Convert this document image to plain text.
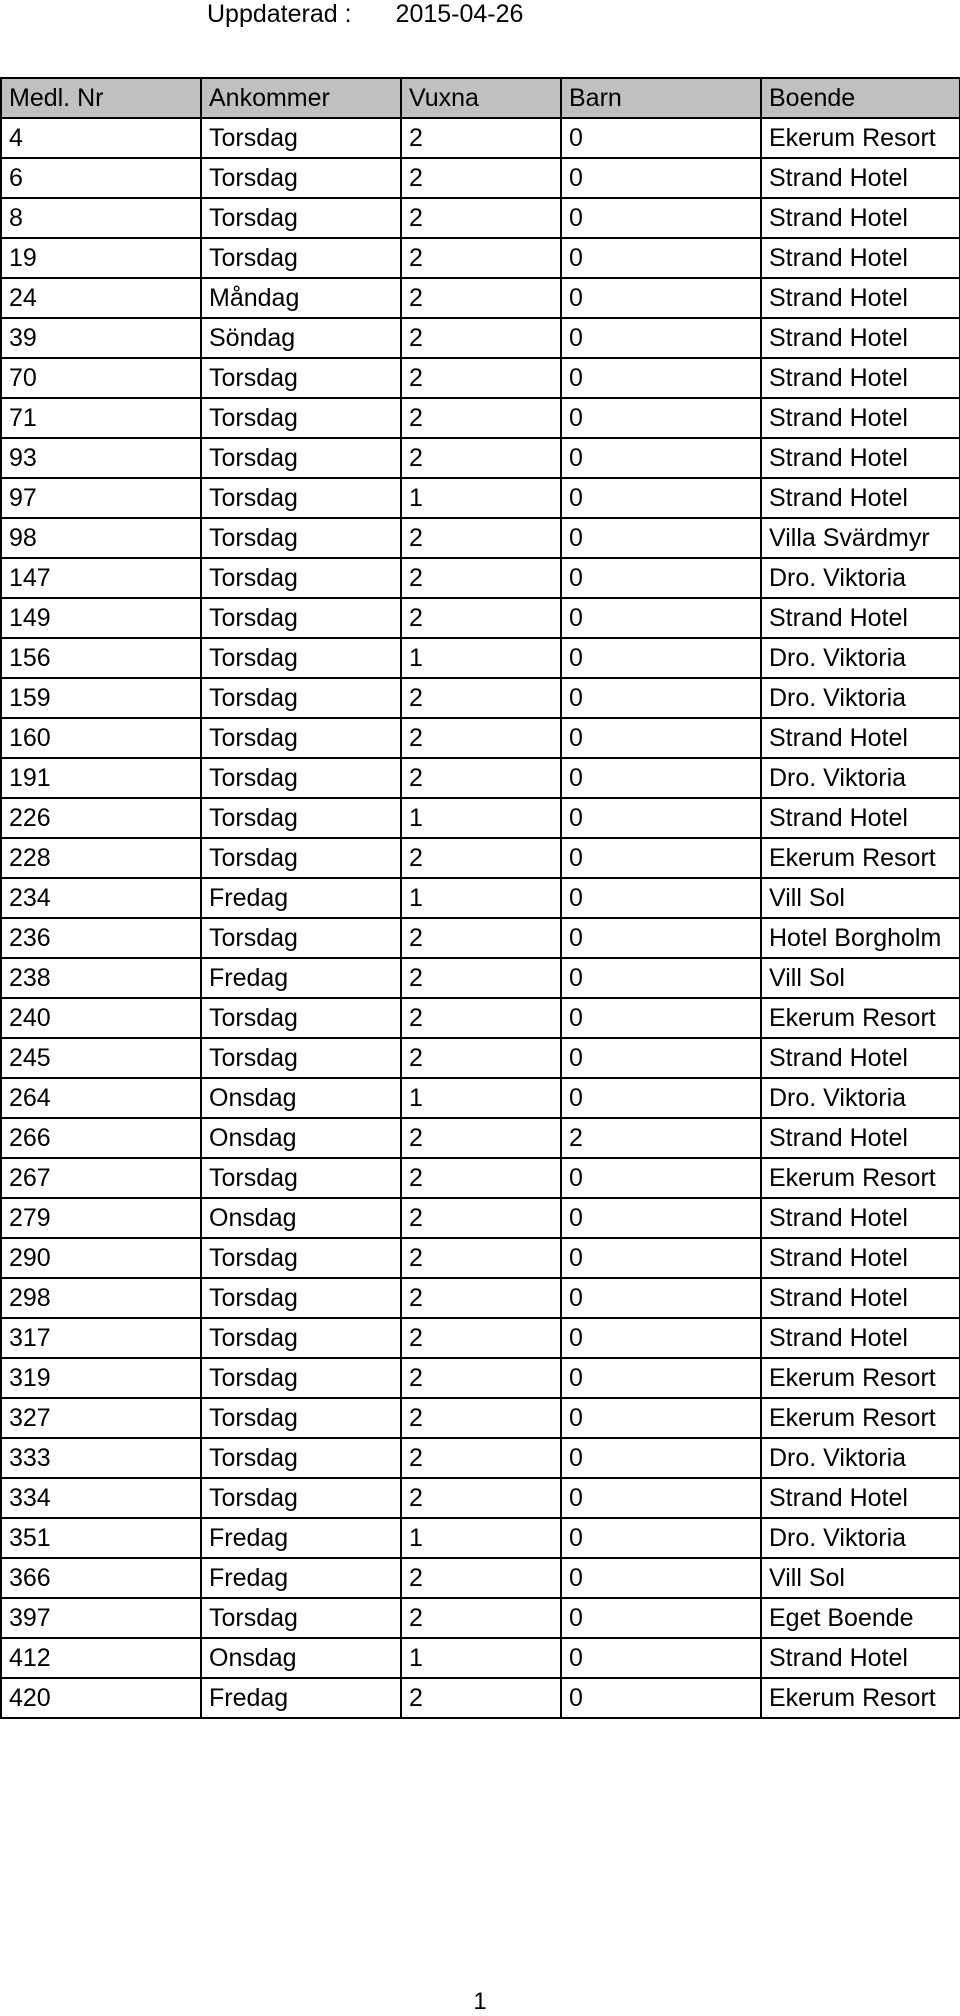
Uppdaterad : 2015-04-26
Medl. Nr	Ankommer	Vuxna	Barn	Boende
4	Torsdag	2	0	Ekerum Resort
6	Torsdag	2	0	Strand Hotel
8	Torsdag	2	0	Strand Hotel
19	Torsdag	2	0	Strand Hotel
24	Måndag	2	0	Strand Hotel
39	Söndag	2	0	Strand Hotel
70	Torsdag	2	0	Strand Hotel
71	Torsdag	2	0	Strand Hotel
93	Torsdag	2	0	Strand Hotel
97	Torsdag	1	0	Strand Hotel
98	Torsdag	2	0	Villa Svärdmyr
147	Torsdag	2	0	Dro. Viktoria
149	Torsdag	2	0	Strand Hotel
156	Torsdag	1	0	Dro. Viktoria
159	Torsdag	2	0	Dro. Viktoria
160	Torsdag	2	0	Strand Hotel
191	Torsdag	2	0	Dro. Viktoria
226	Torsdag	1	0	Strand Hotel
228	Torsdag	2	0	Ekerum Resort
234	Fredag	1	0	Vill Sol
236	Torsdag	2	0	Hotel Borgholm
238	Fredag	2	0	Vill Sol
240	Torsdag	2	0	Ekerum Resort
245	Torsdag	2	0	Strand Hotel
264	Onsdag	1	0	Dro. Viktoria
266	Onsdag	2	2	Strand Hotel
267	Torsdag	2	0	Ekerum Resort
279	Onsdag	2	0	Strand Hotel
290	Torsdag	2	0	Strand Hotel
298	Torsdag	2	0	Strand Hotel
317	Torsdag	2	0	Strand Hotel
319	Torsdag	2	0	Ekerum Resort
327	Torsdag	2	0	Ekerum Resort
333	Torsdag	2	0	Dro. Viktoria
334	Torsdag	2	0	Strand Hotel
351	Fredag	1	0	Dro. Viktoria
366	Fredag	2	0	Vill Sol
397	Torsdag	2	0	Eget Boende
412	Onsdag	1	0	Strand Hotel
420	Fredag	2	0	Ekerum Resort
1
